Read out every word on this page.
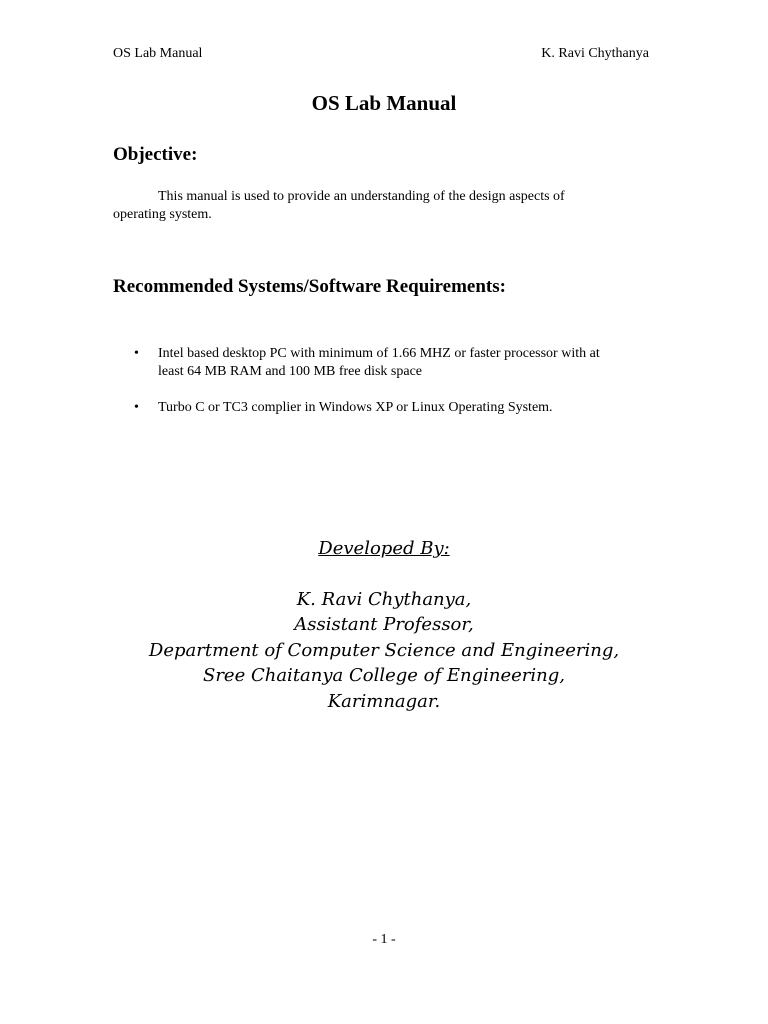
OS Lab Manual	K. Ravi Chythanya
OS Lab Manual
Objective:
This manual is used to provide an understanding of the design aspects of
operating system.
Recommended Systems/Software Requirements:
• Intel based desktop PC with minimum of 1.66 MHZ or faster processor with at
least 64 MB RAM and 100 MB free disk space
• Turbo C or TC3 complier in Windows XP or Linux Operating System.
Developed By:
K. Ravi Chythanya,
Assistant Professor,
Department of Computer Science and Engineering,
Sree Chaitanya College of Engineering,
Karimnagar.
- 1 -
